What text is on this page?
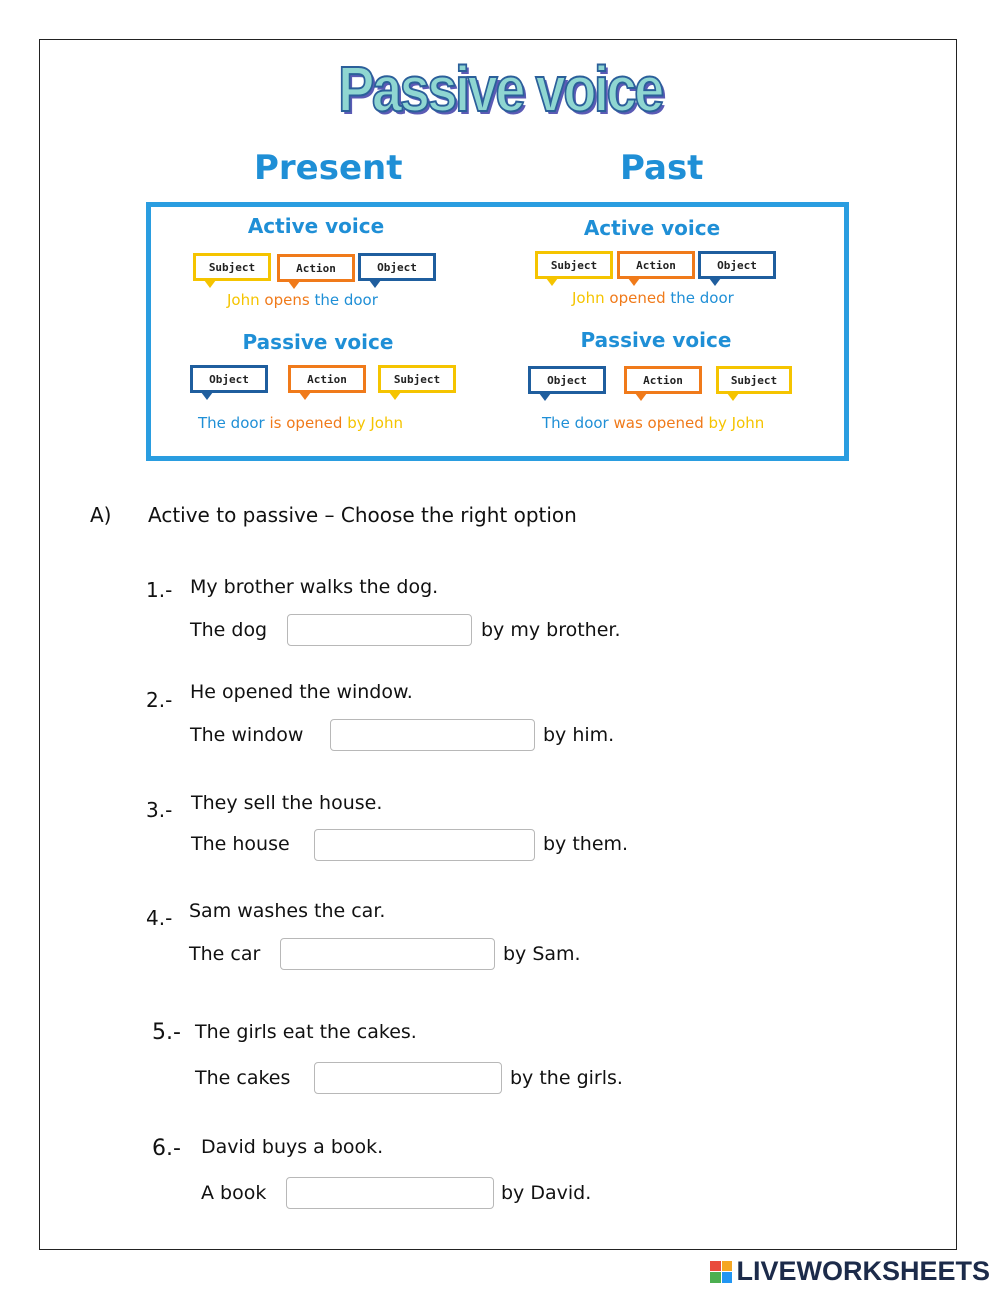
Passive voice
Present	Past
Active voice
Subject	Action	Object
John opens the door
Passive voice
Object	Action	Subject
The door is opened by John
Active voice
Subject	Action	Object
John opened the door
Passive voice
Object	Action	Subject
The door was opened by John
A) Active to passive – Choose the right option
1.- My brother walks the dog.
The dog	by my brother.
2.- He opened the window.
The window	by him.
3.- They sell the house.
The house	by them.
4.- Sam washes the car.
The car	by Sam.
5.- The girls eat the cakes.
The cakes	by the girls.
6.- David buys a book.
A book	by David.
LIVEWORKSHEETS
